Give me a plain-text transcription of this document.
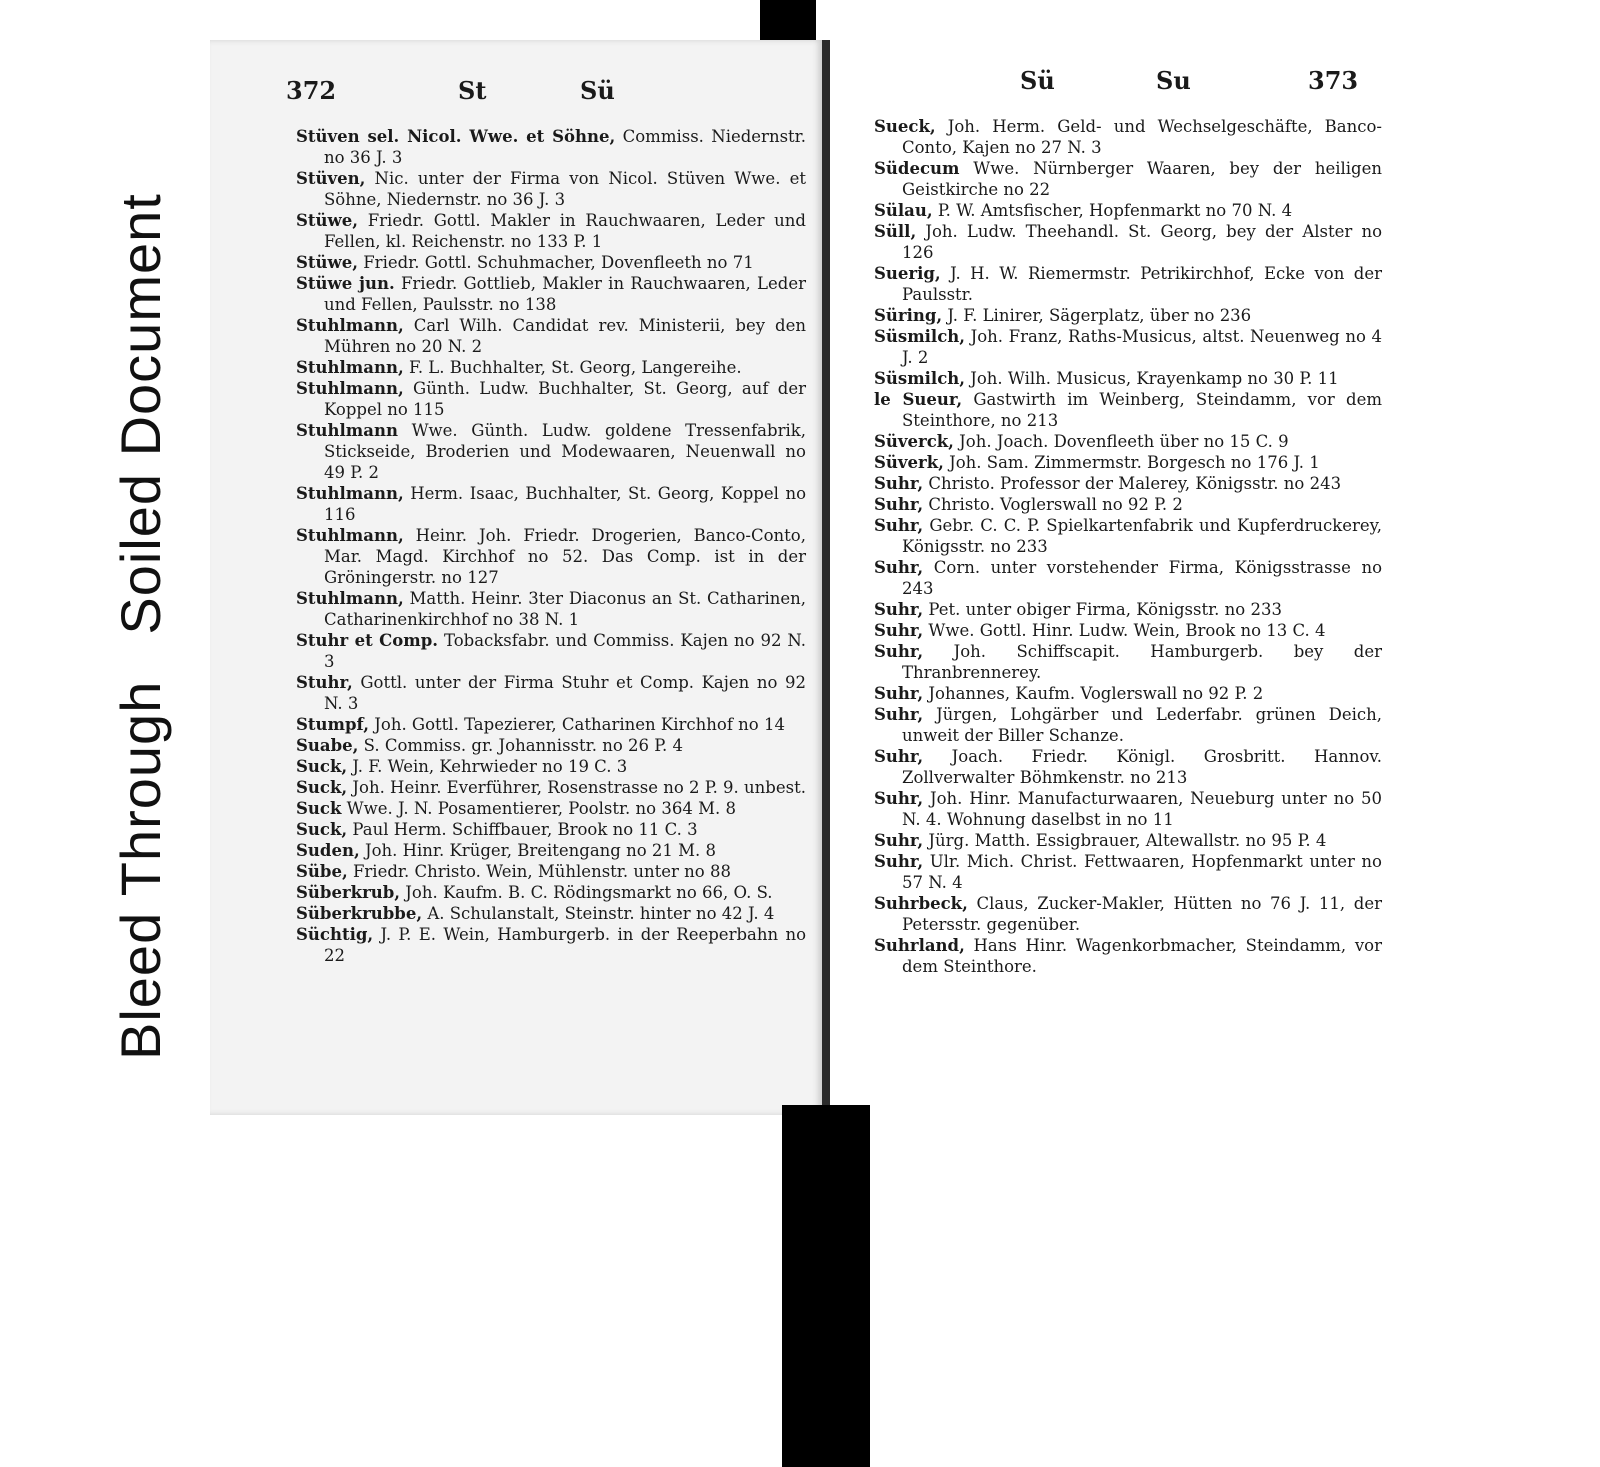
Bleed ThroughSoiled Document
372	St	Sü

Stüven sel. Nicol. Wwe. et Söhne, Commiss. Niedernstr. no 36 J. 3

Stüven, Nic. unter der Firma von Nicol. Stüven Wwe. et Söhne, Niedernstr. no 36 J. 3

Stüwe, Friedr. Gottl. Makler in Rauchwaaren, Leder und Fellen, kl. Reichenstr. no 133 P. 1

Stüwe, Friedr. Gottl. Schuhmacher, Dovenfleeth no 71

Stüwe jun. Friedr. Gottlieb, Makler in Rauchwaaren, Leder und Fellen, Paulsstr. no 138

Stuhlmann, Carl Wilh. Candidat rev. Ministerii, bey den Mühren no 20 N. 2

Stuhlmann, F. L. Buchhalter, St. Georg, Langereihe.

Stuhlmann, Günth. Ludw. Buchhalter, St. Georg, auf der Koppel no 115

Stuhlmann Wwe. Günth. Ludw. goldene Tressenfabrik, Stickseide, Broderien und Modewaaren, Neuenwall no 49 P. 2

Stuhlmann, Herm. Isaac, Buchhalter, St. Georg, Koppel no 116

Stuhlmann, Heinr. Joh. Friedr. Drogerien, Banco-Conto, Mar. Magd. Kirchhof no 52. Das Comp. ist in der Gröningerstr. no 127

Stuhlmann, Matth. Heinr. 3ter Diaconus an St. Catharinen, Catharinenkirchhof no 38 N. 1

Stuhr et Comp. Tobacksfabr. und Commiss. Kajen no 92 N. 3

Stuhr, Gottl. unter der Firma Stuhr et Comp. Kajen no 92 N. 3

Stumpf, Joh. Gottl. Tapezierer, Catharinen Kirchhof no 14

Suabe, S. Commiss. gr. Johannisstr. no 26 P. 4

Suck, J. F. Wein, Kehrwieder no 19 C. 3

Suck, Joh. Heinr. Everführer, Rosenstrasse no 2 P. 9. unbest.

Suck Wwe. J. N. Posamentierer, Poolstr. no 364 M. 8

Suck, Paul Herm. Schiffbauer, Brook no 11 C. 3

Suden, Joh. Hinr. Krüger, Breitengang no 21 M. 8

Sübe, Friedr. Christo. Wein, Mühlenstr. unter no 88

Süberkrub, Joh. Kaufm. B. C. Rödingsmarkt no 66, O. S.

Süberkrubbe, A. Schulanstalt, Steinstr. hinter no 42 J. 4

Süchtig, J. P. E. Wein, Hamburgerb. in der Reeperbahn no 22

Sü	Su	373

Sueck, Joh. Herm. Geld- und Wechselgeschäfte, Banco-Conto, Kajen no 27 N. 3

Südecum Wwe. Nürnberger Waaren, bey der heiligen Geistkirche no 22

Sülau, P. W. Amtsfischer, Hopfenmarkt no 70 N. 4

Süll, Joh. Ludw. Theehandl. St. Georg, bey der Alster no 126

Suerig, J. H. W. Riemermstr. Petrikirchhof, Ecke von der Paulsstr.

Süring, J. F. Linirer, Sägerplatz, über no 236

Süsmilch, Joh. Franz, Raths-Musicus, altst. Neuenweg no 4 J. 2

Süsmilch, Joh. Wilh. Musicus, Krayenkamp no 30 P. 11

le Sueur, Gastwirth im Weinberg, Steindamm, vor dem Steinthore, no 213

Süverck, Joh. Joach. Dovenfleeth über no 15 C. 9

Süverk, Joh. Sam. Zimmermstr. Borgesch no 176 J. 1

Suhr, Christo. Professor der Malerey, Königsstr. no 243

Suhr, Christo. Voglerswall no 92 P. 2

Suhr, Gebr. C. C. P. Spielkartenfabrik und Kupferdruckerey, Königsstr. no 233

Suhr, Corn. unter vorstehender Firma, Königsstrasse no 243

Suhr, Pet. unter obiger Firma, Königsstr. no 233

Suhr, Wwe. Gottl. Hinr. Ludw. Wein, Brook no 13 C. 4

Suhr, Joh. Schiffscapit. Hamburgerb. bey der Thranbrennerey.

Suhr, Johannes, Kaufm. Voglerswall no 92 P. 2

Suhr, Jürgen, Lohgärber und Lederfabr. grünen Deich, unweit der Biller Schanze.

Suhr, Joach. Friedr. Königl. Grosbritt. Hannov. Zollverwalter Böhmkenstr. no 213

Suhr, Joh. Hinr. Manufacturwaaren, Neueburg unter no 50 N. 4. Wohnung daselbst in no 11

Suhr, Jürg. Matth. Essigbrauer, Altewallstr. no 95 P. 4

Suhr, Ulr. Mich. Christ. Fettwaaren, Hopfenmarkt unter no 57 N. 4

Suhrbeck, Claus, Zucker-Makler, Hütten no 76 J. 11, der Petersstr. gegenüber.

Suhrland, Hans Hinr. Wagenkorbmacher, Steindamm, vor dem Steinthore.
